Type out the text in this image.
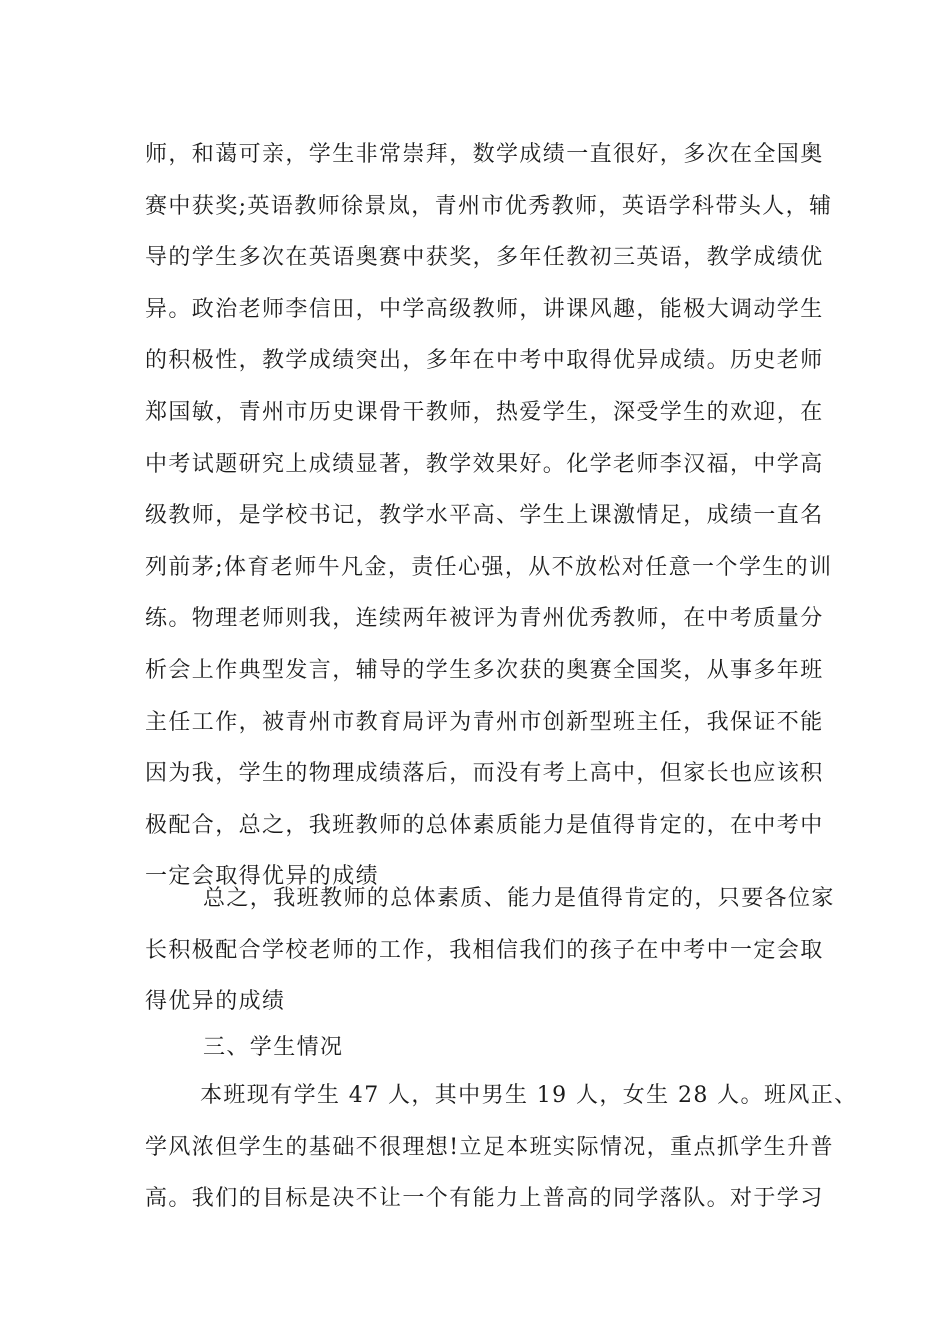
师，和蔼可亲，学生非常崇拜，数学成绩一直很好，多次在全国奥
赛中获奖;英语教师徐景岚，青州市优秀教师，英语学科带头人，辅
导的学生多次在英语奥赛中获奖，多年任教初三英语，教学成绩优
异。政治老师李信田，中学高级教师，讲课风趣，能极大调动学生
的积极性，教学成绩突出，多年在中考中取得优异成绩。历史老师
郑国敏，青州市历史课骨干教师，热爱学生，深受学生的欢迎，在
中考试题研究上成绩显著，教学效果好。化学老师李汉福，中学高
级教师，是学校书记，教学水平高、学生上课激情足，成绩一直名
列前茅;体育老师牛凡金，责任心强，从不放松对任意一个学生的训
练。物理老师则我，连续两年被评为青州优秀教师，在中考质量分
析会上作典型发言，辅导的学生多次获的奥赛全国奖，从事多年班
主任工作，被青州市教育局评为青州市创新型班主任，我保证不能
因为我，学生的物理成绩落后，而没有考上高中，但家长也应该积
极配合，总之，我班教师的总体素质能力是值得肯定的，在中考中
一定会取得优异的成绩
总之，我班教师的总体素质、能力是值得肯定的，只要各位家
长积极配合学校老师的工作，我相信我们的孩子在中考中一定会取
得优异的成绩
三、学生情况
本班现有学生 47 人，其中男生 19 人，女生 28 人。班风正、
学风浓但学生的基础不很理想!立足本班实际情况，重点抓学生升普
高。我们的目标是决不让一个有能力上普高的同学落队。对于学习
